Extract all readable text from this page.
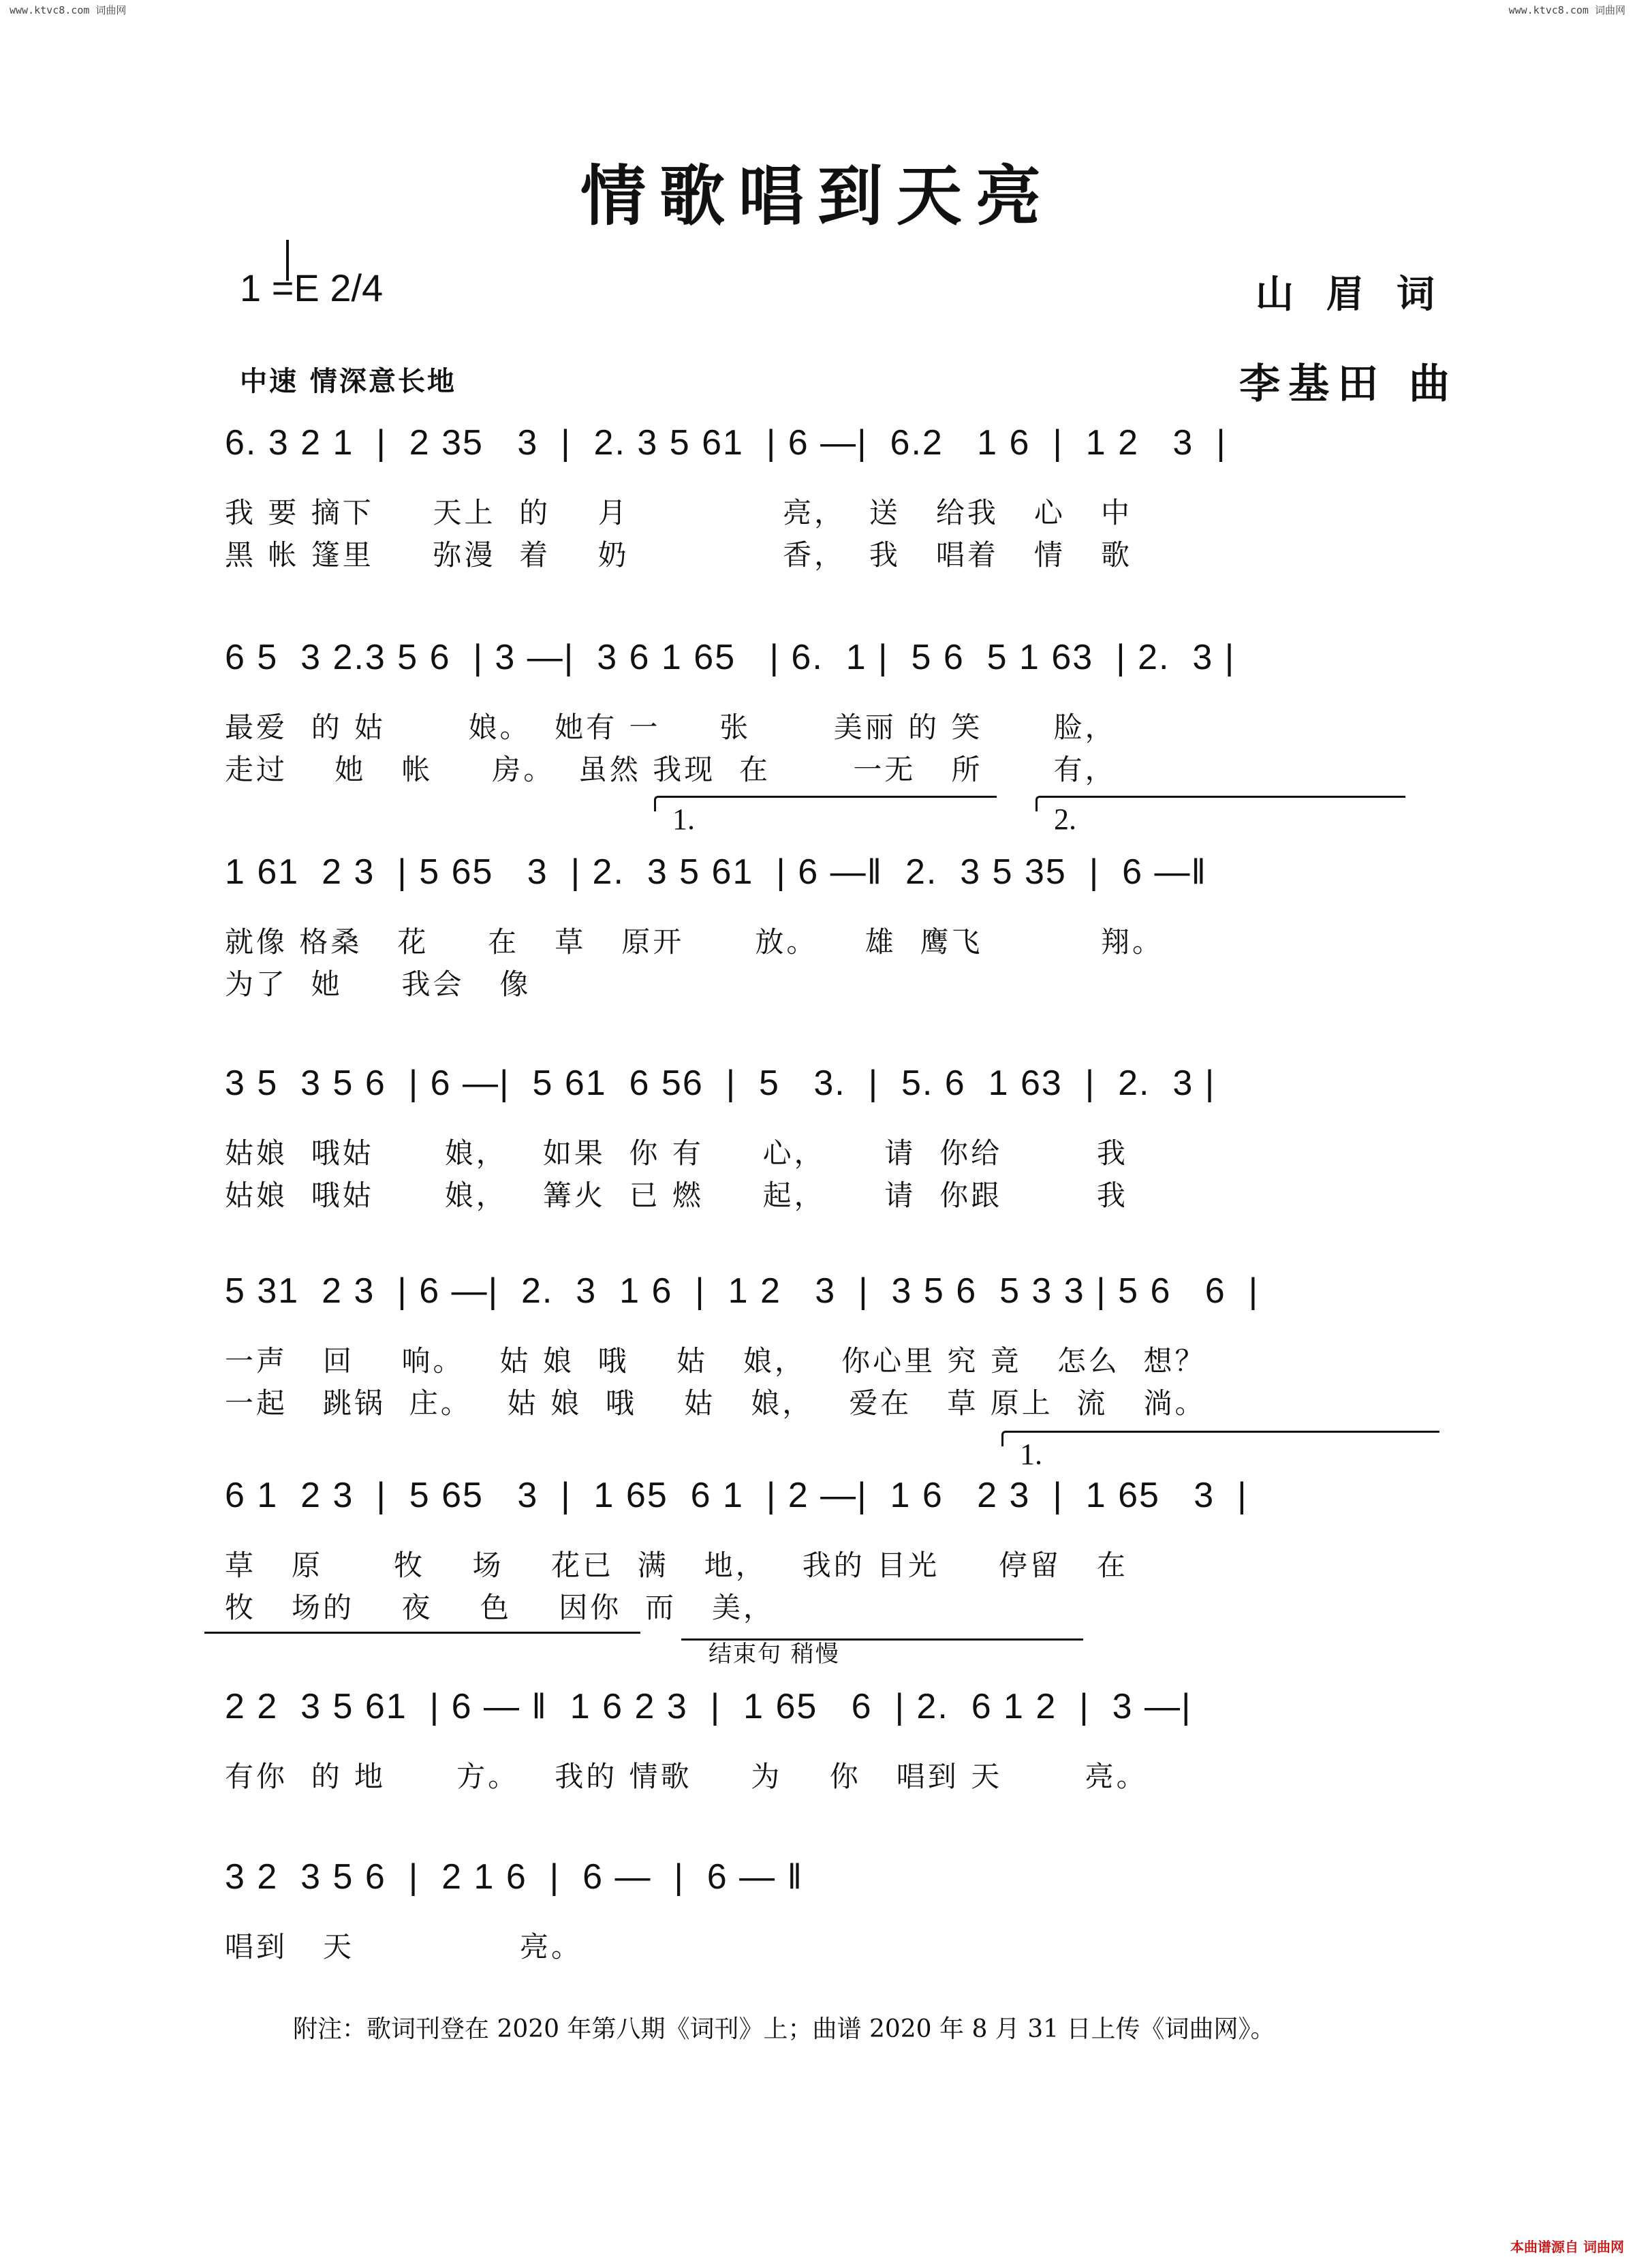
www.ktvc8.com 词曲网	www.ktvc8.com 词曲网
情歌唱到天亮
1 =E 2/4	山 眉 词
中速 情深意长地	李基田 曲
6. 3 2 1  |  2 35   3  |  2. 3 5 61  | 6 —|  6.2   1 6  |  1 2   3  |
我 要 摘下     天上  的    月             亮，  送   给我   心   中
黑 帐 篷里     弥漫  着    奶             香，  我   唱着   情   歌
6 5  3 2.3 5 6  | 3 —|  3 6 1 65   | 6.  1 |  5 6  5 1 63  | 2.  3 |
最爱  的 姑       娘。  她有 一     张       美丽 的 笑      脸，
走过    她   帐     房。  虽然 我现  在       一无   所      有，
1.	2.
1 61  2 3  | 5 65   3  | 2.  3 5 61  | 6 —‖  2.  3 5 35  |  6 —‖
就像 格桑   花     在   草   原开      放。    雄  鹰飞          翔。
为了  她     我会   像
3 5  3 5 6  | 6 —|  5 61  6 56  |  5   3.  |  5. 6  1 63  |  2.  3 |
姑娘  哦姑      娘，   如果  你 有     心，     请  你给        我
姑娘  哦姑      娘，   篝火  已 燃     起，     请  你跟        我
5 31  2 3  | 6 —|  2.  3  1 6  |  1 2   3  |  3 5 6  5 3 3 | 5 6   6  |
一声   回    响。   姑 娘  哦    姑   娘，   你心里 究 竟   怎么  想？
一起   跳锅  庄。   姑 娘  哦    姑   娘，   爱在   草 原上  流   淌。
1.
6 1  2 3  |  5 65   3  |  1 65  6 1  | 2 —|  1 6   2 3  |  1 65   3  |
草   原      牧    场    花已  满   地，   我的 目光     停留   在
牧   场的    夜    色    因你  而   美，
结束句 稍慢
2 2  3 5 61  | 6 — ‖  1 6 2 3  |  1 65   6  | 2.  6 1 2  |  3 —|
有你  的 地      方。   我的 情歌     为    你   唱到 天       亮。
3 2  3 5 6  |  2 1 6  |  6 —  |  6 — ‖
唱到   天              亮。
附注：歌词刊登在 2020 年第八期《词刊》上；曲谱 2020 年 8 月 31 日上传《词曲网》。
本曲谱源自 词曲网
